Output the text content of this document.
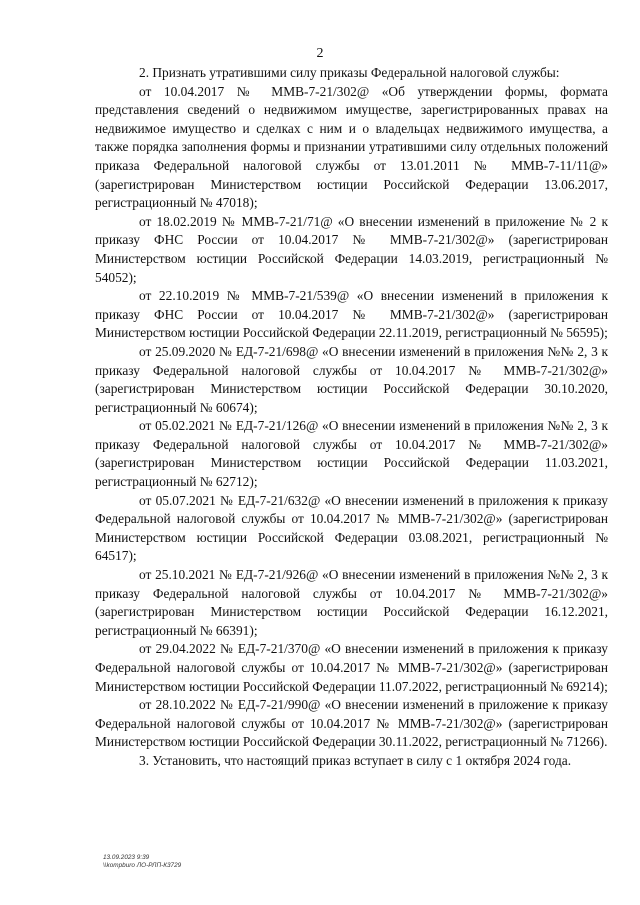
2

2. Признать утратившими силу приказы Федеральной налоговой службы:

от 10.04.2017 № ММВ-7-21/302@ «Об утверждении формы, формата представления сведений о недвижимом имуществе, зарегистрированных правах на недвижимое имущество и сделках с ним и о владельцах недвижимого имущества, а также порядка заполнения формы и признании утратившими силу отдельных положений приказа Федеральной налоговой службы от 13.01.2011 № ММВ-7-11/11@» (зарегистрирован Министерством юстиции Российской Федерации 13.06.2017, регистрационный № 47018);

от 18.02.2019 № ММВ-7-21/71@ «О внесении изменений в приложение № 2 к приказу ФНС России от 10.04.2017 № ММВ-7-21/302@» (зарегистрирован Министерством юстиции Российской Федерации 14.03.2019, регистрационный № 54052);

от 22.10.2019 № ММВ-7-21/539@ «О внесении изменений в приложения к приказу ФНС России от 10.04.2017 № ММВ-7-21/302@» (зарегистрирован Министерством юстиции Российской Федерации 22.11.2019, регистрационный № 56595);

от 25.09.2020 № ЕД-7-21/698@ «О внесении изменений в приложения №№ 2, 3 к приказу Федеральной налоговой службы от 10.04.2017 № ММВ-7-21/302@» (зарегистрирован Министерством юстиции Российской Федерации 30.10.2020, регистрационный № 60674);

от 05.02.2021 № ЕД-7-21/126@ «О внесении изменений в приложения №№ 2, 3 к приказу Федеральной налоговой службы от 10.04.2017 № ММВ-7-21/302@» (зарегистрирован Министерством юстиции Российской Федерации 11.03.2021, регистрационный № 62712);

от 05.07.2021 № ЕД-7-21/632@ «О внесении изменений в приложения к приказу Федеральной налоговой службы от 10.04.2017 № ММВ-7-21/302@» (зарегистрирован Министерством юстиции Российской Федерации 03.08.2021, регистрационный № 64517);

от 25.10.2021 № ЕД-7-21/926@ «О внесении изменений в приложения №№ 2, 3 к приказу Федеральной налоговой службы от 10.04.2017 № ММВ-7-21/302@» (зарегистрирован Министерством юстиции Российской Федерации 16.12.2021, регистрационный № 66391);

от 29.04.2022 № ЕД-7-21/370@ «О внесении изменений в приложения к приказу Федеральной налоговой службы от 10.04.2017 № ММВ-7-21/302@» (зарегистрирован Министерством юстиции Российской Федерации 11.07.2022, регистрационный № 69214);

от 28.10.2022 № ЕД-7-21/990@ «О внесении изменений в приложение к приказу Федеральной налоговой службы от 10.04.2017 № ММВ-7-21/302@» (зарегистрирован Министерством юстиции Российской Федерации 30.11.2022, регистрационный № 71266).

3. Установить, что настоящий приказ вступает в силу с 1 октября 2024 года.

13.09.2023 9:39
\\kompburo ЛО-РЛП-К3729
